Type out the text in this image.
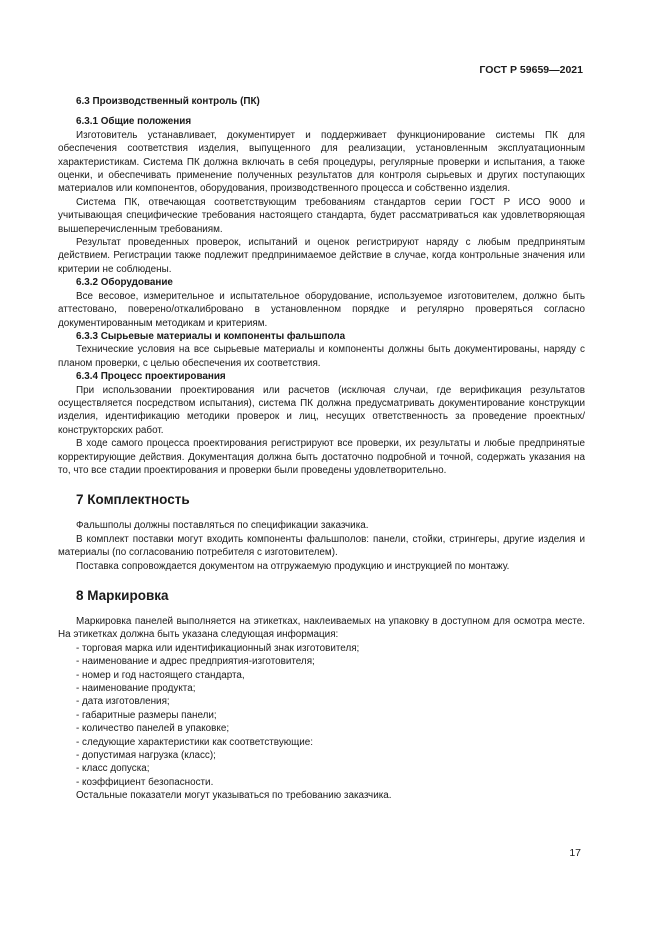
ГОСТ Р 59659—2021
6.3 Производственный контроль (ПК)
6.3.1 Общие положения

Изготовитель устанавливает, документирует и поддерживает функционирование системы ПК для обеспечения соответствия изделия, выпущенного для реализации, установленным эксплуатационным характеристикам. Система ПК должна включать в себя процедуры, регулярные проверки и испытания, а также оценки, и обеспечивать применение полученных результатов для контроля сырьевых и других поступающих материалов или компонентов, оборудования, производственного процесса и собственно изделия.

Система ПК, отвечающая соответствующим требованиям стандартов серии ГОСТ Р ИСО 9000 и учитывающая специфические требования настоящего стандарта, будет рассматриваться как удовлетворяющая вышеперечисленным требованиям.

Результат проведенных проверок, испытаний и оценок регистрируют наряду с любым предпринятым действием. Регистрации также подлежит предпринимаемое действие в случае, когда контрольные значения или критерии не соблюдены.

6.3.2 Оборудование

Все весовое, измерительное и испытательное оборудование, используемое изготовителем, должно быть аттестовано, поверено/откалибровано в установленном порядке и регулярно проверяться согласно документированным методикам и критериям.

6.3.3 Сырьевые материалы и компоненты фальшпола

Технические условия на все сырьевые материалы и компоненты должны быть документированы, наряду с планом проверки, с целью обеспечения их соответствия.

6.3.4 Процесс проектирования

При использовании проектирования или расчетов (исключая случаи, где верификация результатов осуществляется посредством испытания), система ПК должна предусматривать документирование конструкции изделия, идентификацию методики проверок и лиц, несущих ответственность за проведение проектных/конструкторских работ.

В ходе самого процесса проектирования регистрируют все проверки, их результаты и любые предпринятые корректирующие действия. Документация должна быть достаточно подробной и точной, содержать указания на то, что все стадии проектирования и проверки были проведены удовлетворительно.

7 Комплектность

Фальшполы должны поставляться по спецификации заказчика.

В комплект поставки могут входить компоненты фальшполов: панели, стойки, стрингеры, другие изделия и материалы (по согласованию потребителя с изготовителем).

Поставка сопровождается документом на отгружаемую продукцию и инструкцией по монтажу.

8 Маркировка

Маркировка панелей выполняется на этикетках, наклеиваемых на упаковку в доступном для осмотра месте. На этикетках должна быть указана следующая информация:

- торговая марка или идентификационный знак изготовителя;
- наименование и адрес предприятия-изготовителя;
- номер и год настоящего стандарта,
- наименование продукта;
- дата изготовления;
- габаритные размеры панели;
- количество панелей в упаковке;
- следующие характеристики как соответствующие:
- допустимая нагрузка (класс);
- класс допуска;
- коэффициент безопасности.

Остальные показатели могут указываться по требованию заказчика.

17
